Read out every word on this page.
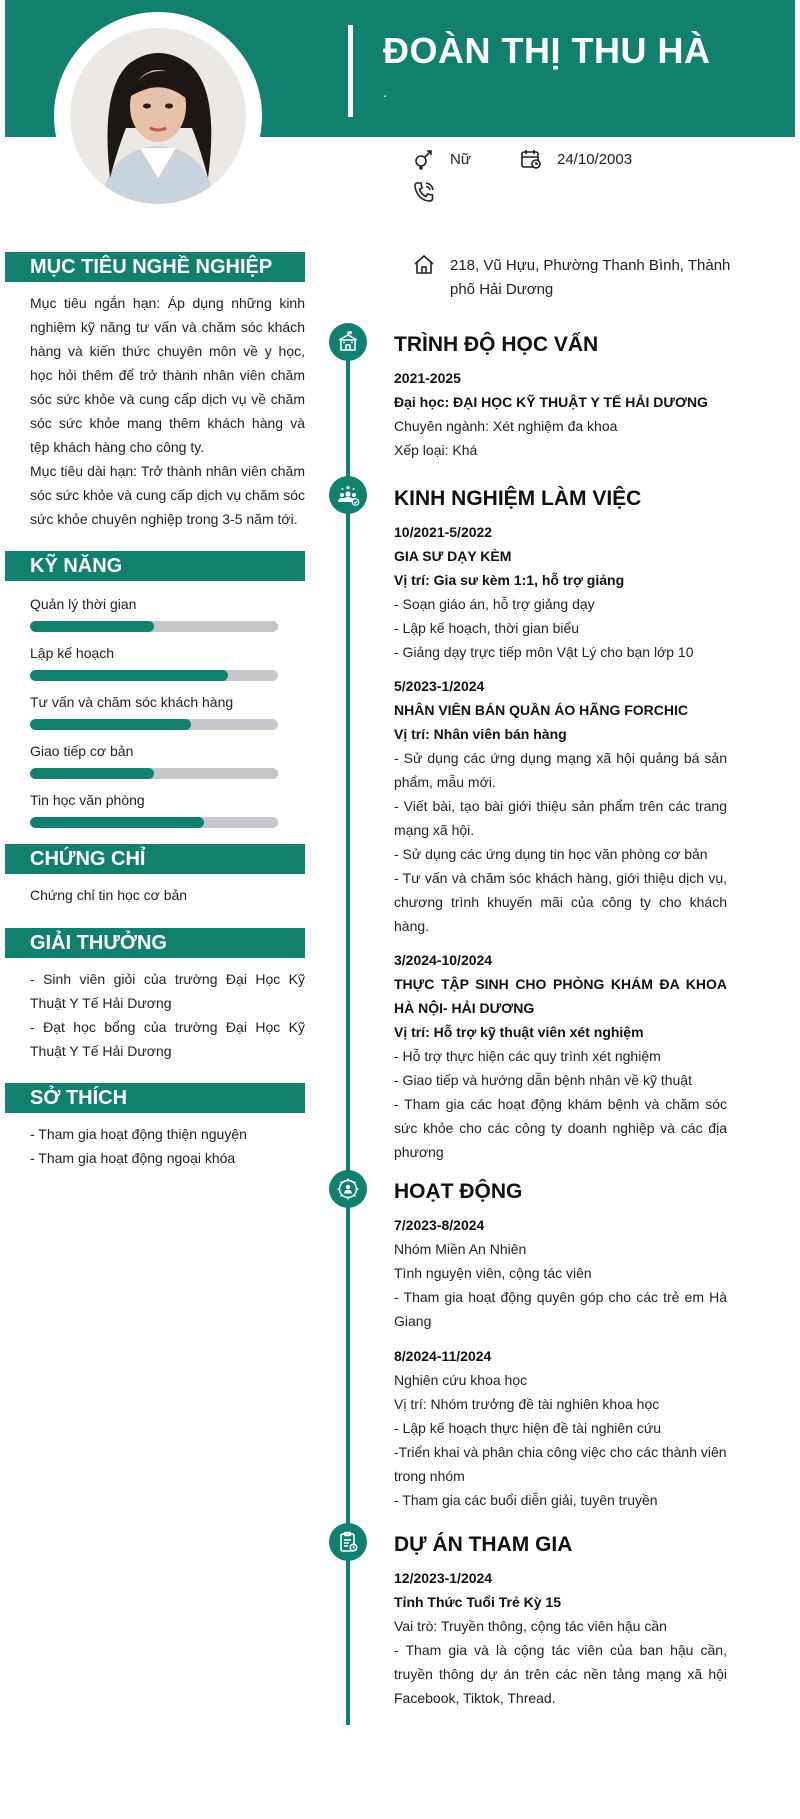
ĐOÀN THỊ THU HÀ
.
Nữ	24/10/2003
218, Vũ Hựu, Phường Thanh Bình, Thành phố Hải Dương
MỤC TIÊU NGHỀ NGHIỆP

Mục tiêu ngắn hạn: Áp dụng những kinh nghiệm kỹ năng tư vấn và chăm sóc khách hàng và kiến thức chuyên môn về y học, học hỏi thêm để trở thành nhân viên chăm sóc sức khỏe và cung cấp dịch vụ về chăm sóc sức khỏe mang thêm khách hàng và tệp khách hàng cho công ty.

Mục tiêu dài hạn: Trở thành nhân viên chăm sóc sức khỏe và cung cấp dịch vụ chăm sóc sức khỏe chuyên nghiệp trong 3-5 năm tới.

KỸ NĂNG
Quản lý thời gian
Lập kế hoạch
Tư vấn và chăm sóc khách hàng
Giao tiếp cơ bản
Tin học văn phòng
CHỨNG CHỈ

Chứng chỉ tin học cơ bản

GIẢI THƯỞNG

- Sinh viên giỏi của trường Đại Học Kỹ Thuật Y Tế Hải Dương

- Đạt học bổng của trường Đại Học Kỹ Thuật Y Tế Hải Dương

SỞ THÍCH

- Tham gia hoạt động thiện nguyện

- Tham gia hoạt động ngoại khóa

TRÌNH ĐỘ HỌC VẤN

2021-2025

Đại học: ĐẠI HỌC KỸ THUẬT Y TẾ HẢI DƯƠNG

Chuyên ngành: Xét nghiệm đa khoa

Xếp loại: Khá

KINH NGHIỆM LÀM VIỆC

10/2021-5/2022

GIA SƯ DẠY KÈM

Vị trí: Gia sư kèm 1:1, hỗ trợ giảng

- Soạn giáo án, hỗ trợ giảng dạy

- Lập kế hoạch, thời gian biểu

- Giảng dạy trực tiếp môn Vật Lý cho bạn lớp 10

5/2023-1/2024

NHÂN VIÊN BÁN QUẦN ÁO HÃNG FORCHIC

Vị trí: Nhân viên bán hàng

- Sử dụng các ứng dụng mạng xã hội quảng bá sản phẩm, mẫu mới.

- Viết bài, tạo bài giới thiệu sản phẩm trên các trang mạng xã hội.

- Sử dụng các ứng dụng tin học văn phòng cơ bản

- Tư vấn và chăm sóc khách hàng, giới thiệu dịch vụ, chương trình khuyến mãi của công ty cho khách hàng.

3/2024-10/2024

THỰC TẬP SINH CHO PHÒNG KHÁM ĐA KHOA HÀ NỘI- HẢI DƯƠNG

Vị trí: Hỗ trợ kỹ thuật viên xét nghiệm

- Hỗ trợ thực hiện các quy trình xét nghiệm

- Giao tiếp và hướng dẫn bệnh nhân về kỹ thuật

- Tham gia các hoạt động khám bệnh và chăm sóc sức khỏe cho các công ty doanh nghiệp và các địa phương

HOẠT ĐỘNG

7/2023-8/2024

Nhóm Miền An Nhiên

Tình nguyện viên, cộng tác viên

- Tham gia hoạt động quyên góp cho các trẻ em Hà Giang

8/2024-11/2024

Nghiên cứu khoa học

Vị trí: Nhóm trưởng đề tài nghiên khoa học

- Lập kế hoạch thực hiện đề tài nghiên cứu

-Triển khai và phân chia công việc cho các thành viên trong nhóm

- Tham gia các buổi diễn giải, tuyên truyền

DỰ ÁN THAM GIA

12/2023-1/2024

Tỉnh Thức Tuổi Trẻ Kỳ 15

Vai trò: Truyền thông, cộng tác viên hậu cần

- Tham gia và là cộng tác viên của ban hậu cần, truyền thông dự án trên các nền tảng mạng xã hội Facebook, Tiktok, Thread.
